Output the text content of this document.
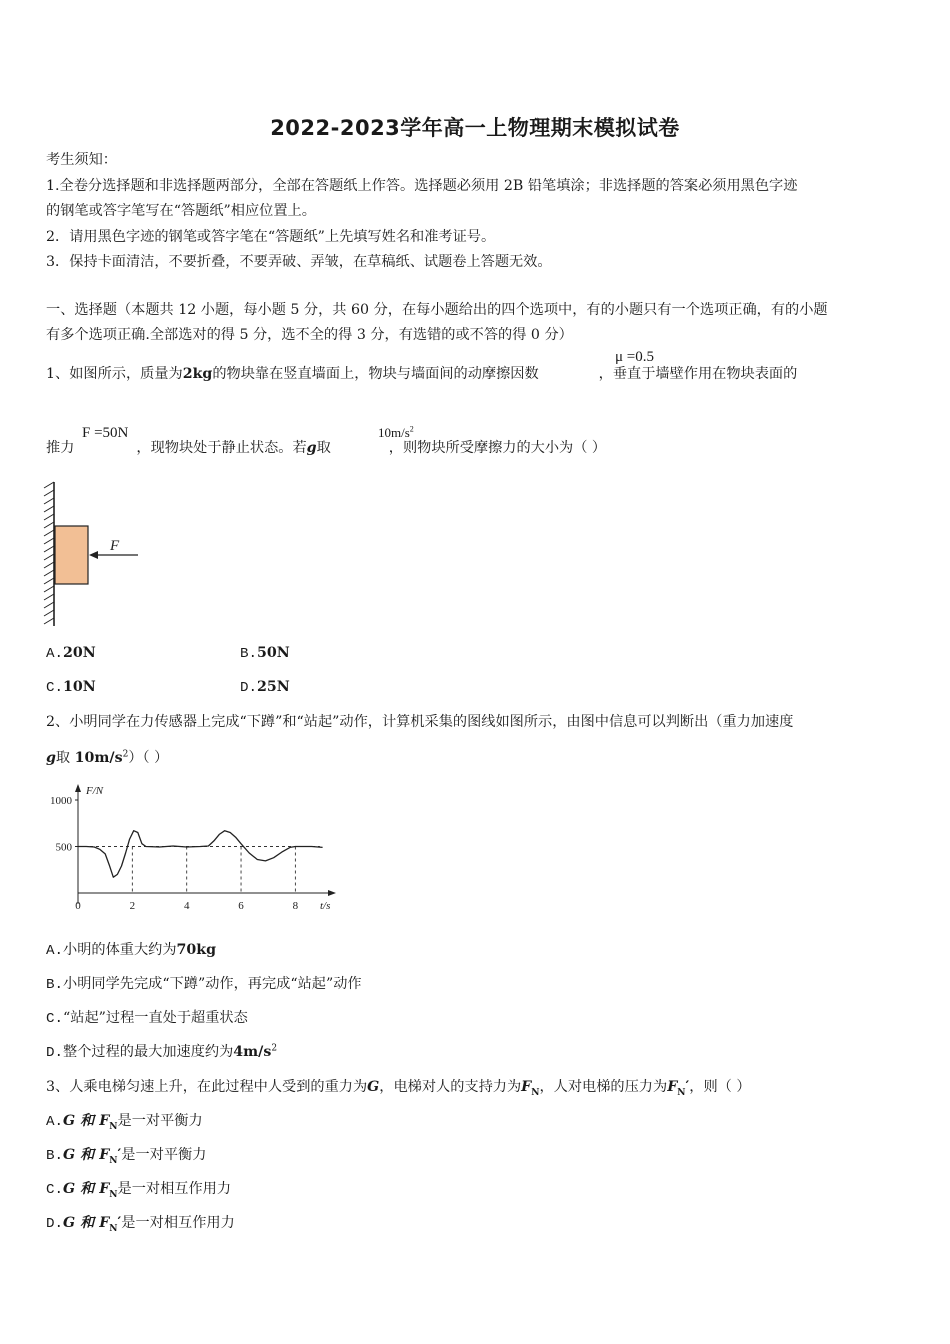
2022-2023学年高一上物理期末模拟试卷
考生须知：
1.全卷分选择题和非选择题两部分，全部在答题纸上作答。选择题必须用 2B 铅笔填涂；非选择题的答案必须用黑色字迹
的钢笔或答字笔写在“答题纸”相应位置上。
2．请用黑色字迹的钢笔或答字笔在“答题纸”上先填写姓名和准考证号。
3．保持卡面清洁，不要折叠，不要弄破、弄皱，在草稿纸、试题卷上答题无效。
一、选择题（本题共 12 小题，每小题 5 分，共 60 分，在每小题给出的四个选项中，有的小题只有一个选项正确，有的小题
有多个选项正确.全部选对的得 5 分，选不全的得 3 分，有选错的或不答的得 0 分）
1、如图所示，质量为2kg的物块靠在竖直墙面上，物块与墙面间的动摩擦因数	，垂直于墙壁作用在物块表面的
μ =0.5
推力	，现物块处于静止状态。若g取	，则物块所受摩擦力的大小为（ ）
F =50N	$10m/s^2$
F
A.20N	B.50N
C.10N	D.25N
2、小明同学在力传感器上完成“下蹲”和“站起”动作，计算机采集的图线如图所示，由图中信息可以判断出（重力加速度
g取 $10m/s^2$）（ ）
F/N
t/s
500
1000
0	2	4	6	8
A.小明的体重大约为70kg
B.小明同学先完成“下蹲”动作，再完成“站起”动作
C.“站起”过程一直处于超重状态
D.整个过程的最大加速度约为$4m/s^2$
3、人乘电梯匀速上升，在此过程中人受到的重力为G，电梯对人的支持力为$F_N$，人对电梯的压力为$F_N'$，则（ ）
A.G 和 $F_N$是一对平衡力
B.G 和 $F_N'$是一对平衡力
C.G 和 $F_N$是一对相互作用力
D.G 和 $F_N'$是一对相互作用力
